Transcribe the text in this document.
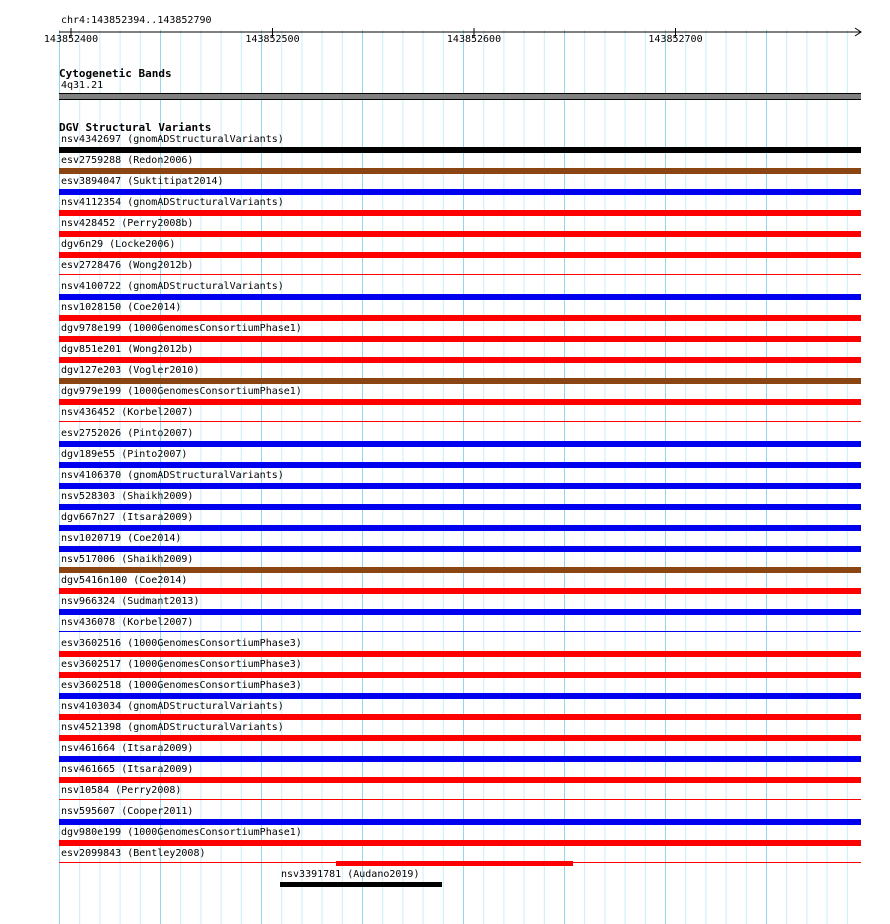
chr4:143852394..143852790
143852400	143852500	143852600	143852700
Cytogenetic Bands
4q31.21
DGV Structural Variants
nsv4342697 (gnomADStructuralVariants)
esv2759288 (Redon2006)
esv3894047 (Suktitipat2014)
nsv4112354 (gnomADStructuralVariants)
nsv428452 (Perry2008b)
dgv6n29 (Locke2006)
esv2728476 (Wong2012b)
nsv4100722 (gnomADStructuralVariants)
nsv1028150 (Coe2014)
dgv978e199 (1000GenomesConsortiumPhase1)
dgv851e201 (Wong2012b)
dgv127e203 (Vogler2010)
dgv979e199 (1000GenomesConsortiumPhase1)
nsv436452 (Korbel2007)
esv2752026 (Pinto2007)
dgv189e55 (Pinto2007)
nsv4106370 (gnomADStructuralVariants)
nsv528303 (Shaikh2009)
dgv667n27 (Itsara2009)
nsv1020719 (Coe2014)
nsv517006 (Shaikh2009)
dgv5416n100 (Coe2014)
nsv966324 (Sudmant2013)
nsv436078 (Korbel2007)
esv3602516 (1000GenomesConsortiumPhase3)
esv3602517 (1000GenomesConsortiumPhase3)
esv3602518 (1000GenomesConsortiumPhase3)
nsv4103034 (gnomADStructuralVariants)
nsv4521398 (gnomADStructuralVariants)
nsv461664 (Itsara2009)
nsv461665 (Itsara2009)
nsv10584 (Perry2008)
nsv595607 (Cooper2011)
dgv980e199 (1000GenomesConsortiumPhase1)
esv2099843 (Bentley2008)
nsv3391781 (Audano2019)
